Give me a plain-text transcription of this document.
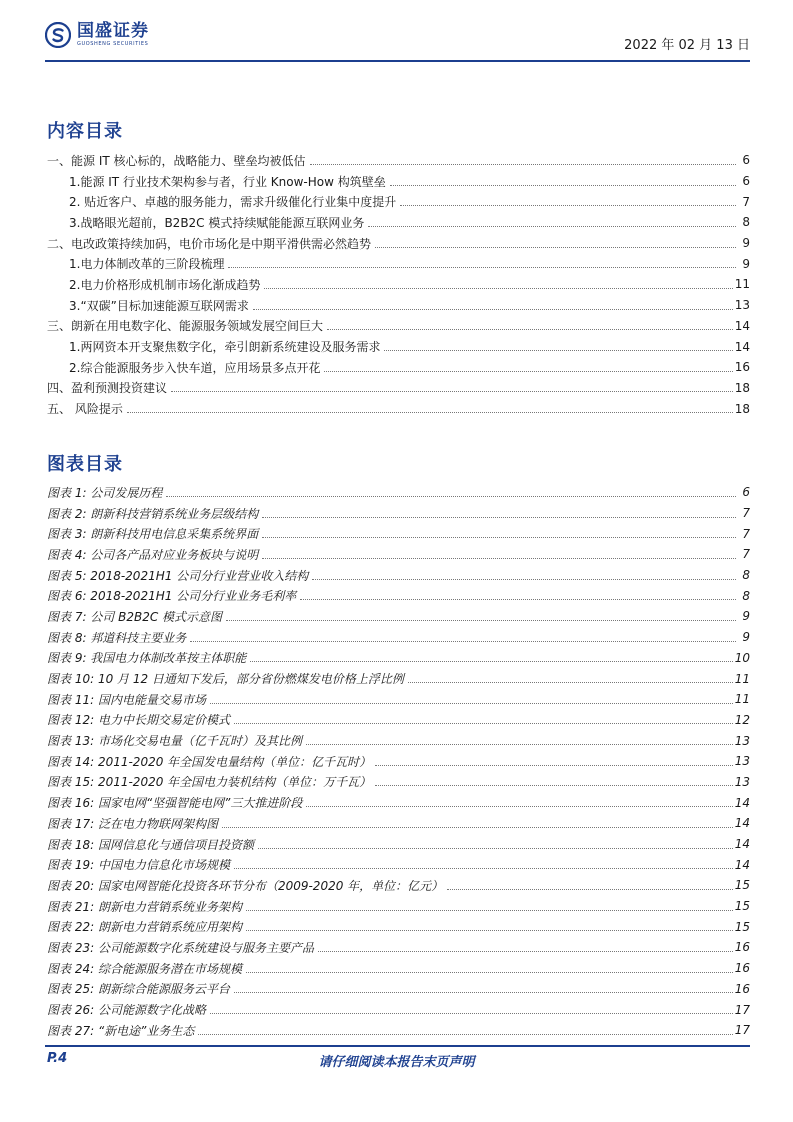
国盛证券
GUOSHENG SECURITIES	2022 年 02 月 13 日
内容目录
一、能源 IT 核心标的，战略能力、壁垒均被低估	6
1.能源 IT 行业技术架构参与者，行业 Know-How 构筑壁垒	6
2. 贴近客户、卓越的服务能力，需求升级催化行业集中度提升	7
3.战略眼光超前，B2B2C 模式持续赋能能源互联网业务	8
二、电改政策持续加码，电价市场化是中期平滑供需必然趋势	9
1.电力体制改革的三阶段梳理	9
2.电力价格形成机制市场化渐成趋势	11
3.“双碳”目标加速能源互联网需求	13
三、朗新在用电数字化、能源服务领域发展空间巨大	14
1.两网资本开支聚焦数字化，牵引朗新系统建设及服务需求	14
2.综合能源服务步入快车道，应用场景多点开花	16
四、盈利预测投资建议	18
五、 风险提示	18
图表目录
图表 1: 公司发展历程	6
图表 2: 朗新科技营销系统业务层级结构	7
图表 3: 朗新科技用电信息采集系统界面	7
图表 4: 公司各产品对应业务板块与说明	7
图表 5: 2018-2021H1 公司分行业营业收入结构	8
图表 6: 2018-2021H1 公司分行业业务毛利率	8
图表 7: 公司 B2B2C 模式示意图	9
图表 8: 邦道科技主要业务	9
图表 9: 我国电力体制改革按主体职能	10
图表 10: 10 月 12 日通知下发后，部分省份燃煤发电价格上浮比例	11
图表 11: 国内电能量交易市场	11
图表 12: 电力中长期交易定价模式	12
图表 13: 市场化交易电量（亿千瓦时）及其比例	13
图表 14: 2011-2020 年全国发电量结构（单位：亿千瓦时）	13
图表 15: 2011-2020 年全国电力装机结构（单位：万千瓦）	13
图表 16: 国家电网“坚强智能电网”三大推进阶段	14
图表 17: 泛在电力物联网架构图	14
图表 18: 国网信息化与通信项目投资额	14
图表 19: 中国电力信息化市场规模	14
图表 20: 国家电网智能化投资各环节分布（2009-2020 年，单位：亿元）	15
图表 21: 朗新电力营销系统业务架构	15
图表 22: 朗新电力营销系统应用架构	15
图表 23: 公司能源数字化系统建设与服务主要产品	16
图表 24: 综合能源服务潜在市场规模	16
图表 25: 朗新综合能源服务云平台	16
图表 26: 公司能源数字化战略	17
图表 27: “新电途”业务生态	17
P.4	请仔细阅读本报告末页声明
